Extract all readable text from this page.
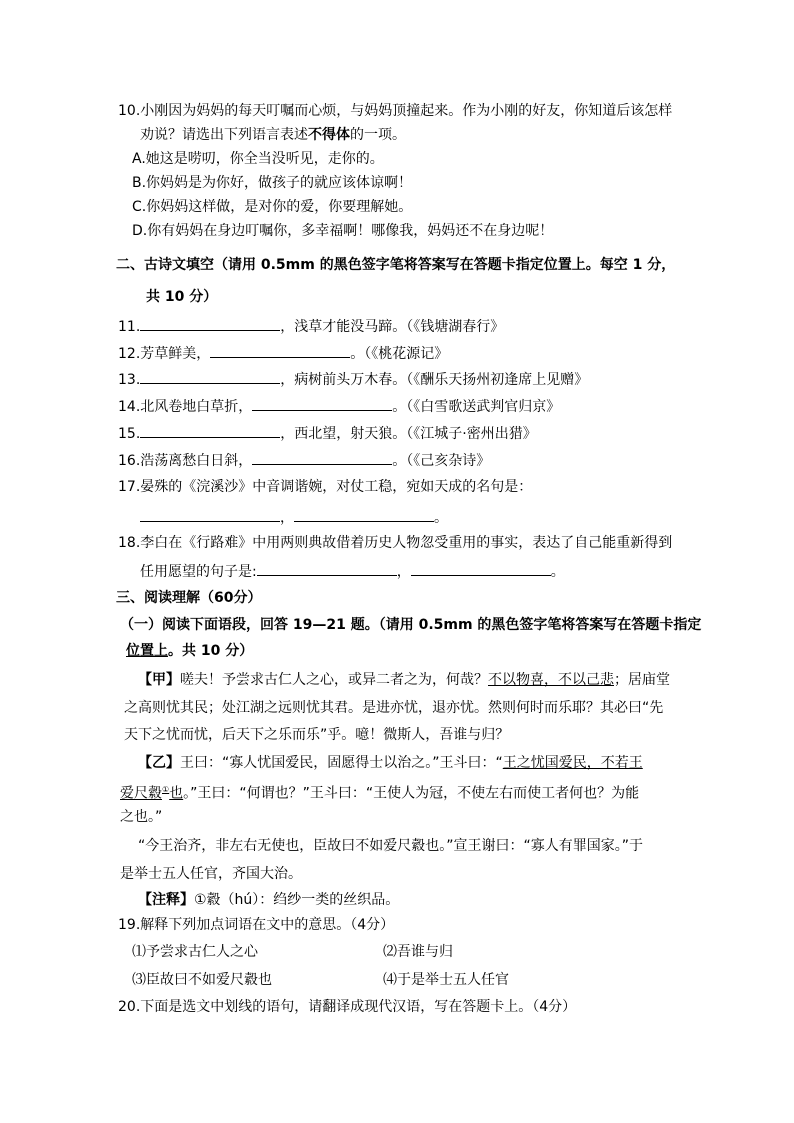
10.小刚因为妈妈的每天叮嘱而心烦，与妈妈顶撞起来。作为小刚的好友，你知道后该怎样
劝说？请选出下列语言表述不得体的一项。
A.她这是唠叨，你全当没听见，走你的。
B.你妈妈是为你好，做孩子的就应该体谅啊！
C.你妈妈这样做，是对你的爱，你要理解她。
D.你有妈妈在身边叮嘱你，多幸福啊！哪像我，妈妈还不在身边呢！
二、古诗文填空（请用 0.5mm 的黑色签字笔将答案写在答题卡指定位置上。每空 1 分，
共 10 分）
11.	，浅草才能没马蹄。（《钱塘湖春行》
12.芳草鲜美，	。（《桃花源记》
13.	，病树前头万木春。（《酬乐天扬州初逢席上见赠》
14.北风卷地白草折，	。（《白雪歌送武判官归京》
15.	，西北望，射天狼。（《江城子·密州出猎》
16.浩荡离愁白日斜，	。（《己亥杂诗》
17.晏殊的《浣溪沙》中音调谐婉，对仗工稳，宛如天成的名句是：
，	。
18.李白在《行路难》中用两则典故借着历史人物忽受重用的事实，表达了自己能重新得到
任用愿望的句子是:	，	。
三、阅读理解（60分）
（一）阅读下面语段，回答 19—21 题。（请用 0.5mm 的黑色签字笔将答案写在答题卡指定
位置上。共 10 分）
【甲】嗟夫！予尝求古仁人之心，或异二者之为，何哉？不以物喜，不以己悲；居庙堂
之高则忧其民；处江湖之远则忧其君。是进亦忧，退亦忧。然则何时而乐耶？其必曰“先
天下之忧而忧，后天下之乐而乐”乎。噫！微斯人，吾谁与归？
【乙】王曰：“寡人忧国爱民，固愿得士以治之。”王斗曰：“王之忧国爱民，不若王
爱尺縠①也。”王曰：“何谓也？”王斗曰：“王使人为冠，不使左右而使工者何也？为能
之也。”
“今王治齐，非左右无使也，臣故曰不如爱尺縠也。”宣王谢曰：“寡人有罪国家。”于
是举士五人任官，齐国大治。
【注释】①縠（hú）：绉纱一类的丝织品。
19.解释下列加点词语在文中的意思。（4分）
⑴予尝求古仁人之心	⑵吾谁与归
⑶臣故曰不如爱尺縠也	⑷于是举士五人任官
20.下面是选文中划线的语句，请翻译成现代汉语，写在答题卡上。（4分）
